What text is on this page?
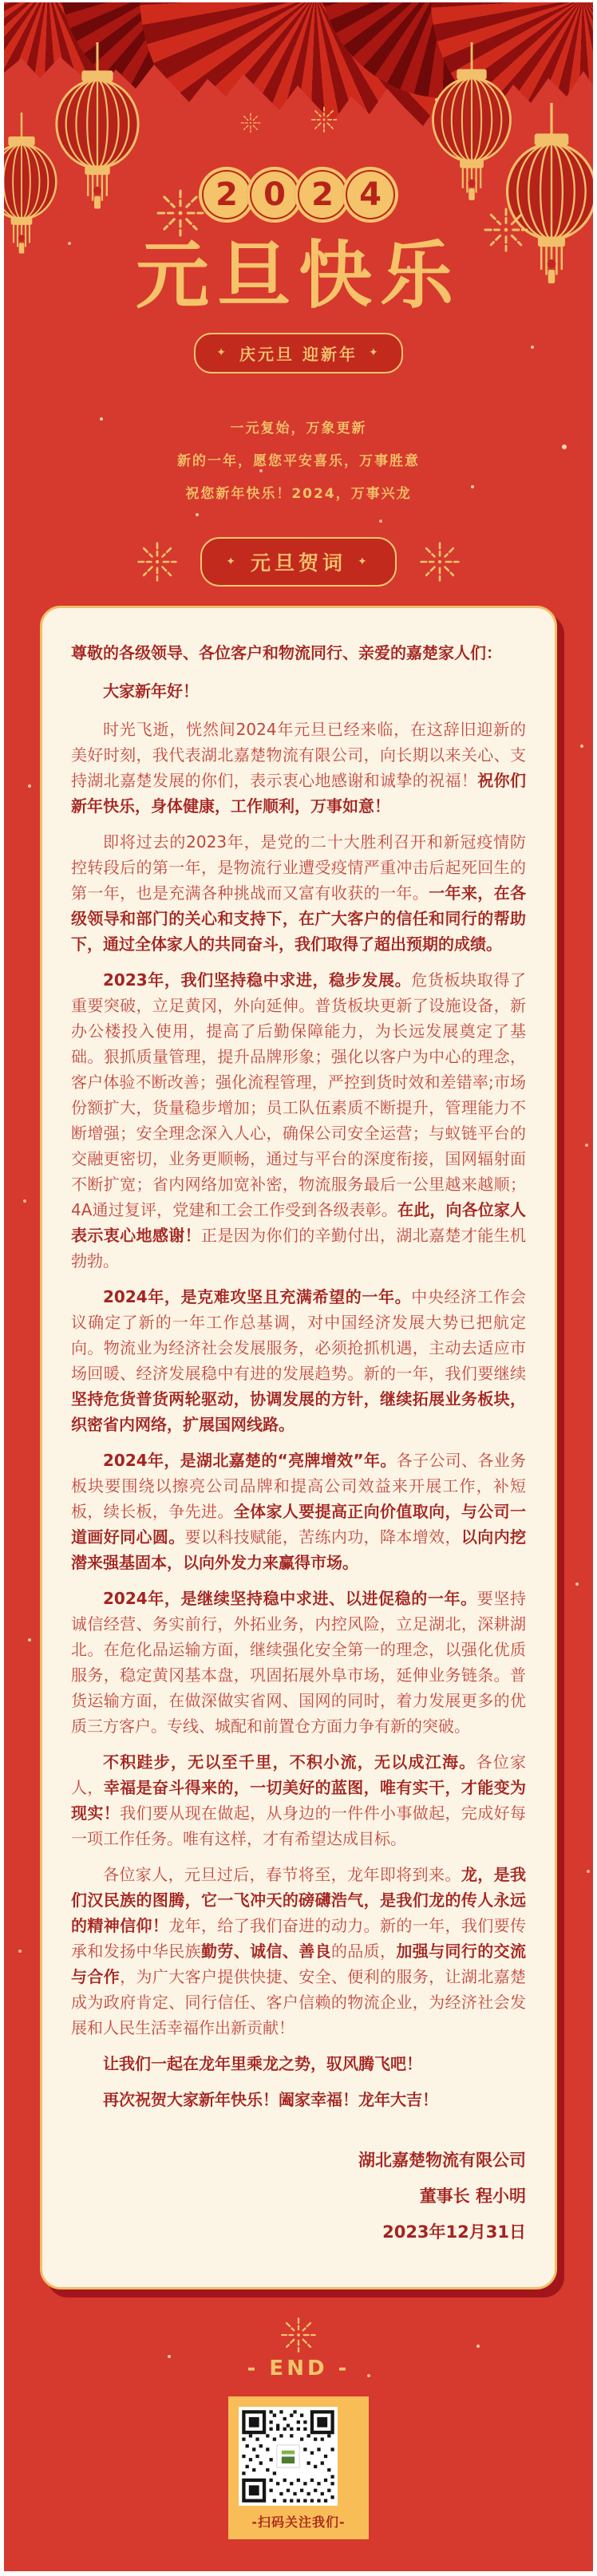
2 0 2 4
元旦快乐
✦ 庆元旦 迎新年 ✦

一元复始，万象更新

新的一年，愿您平安喜乐，万事胜意

祝您新年快乐！2024，万事兴龙

✦ 元旦贺词 ✦

尊敬的各级领导、各位客户和物流同行、亲爱的嘉楚家人们：

大家新年好！

时光飞逝，恍然间2024年元旦已经来临，在这辞旧迎新的美好时刻，我代表湖北嘉楚物流有限公司，向长期以来关心、支持湖北嘉楚发展的你们，表示衷心地感谢和诚挚的祝福！祝你们新年快乐，身体健康，工作顺利，万事如意！

即将过去的2023年，是党的二十大胜利召开和新冠疫情防控转段后的第一年，是物流行业遭受疫情严重冲击后起死回生的第一年，也是充满各种挑战而又富有收获的一年。一年来，在各级领导和部门的关心和支持下，在广大客户的信任和同行的帮助下，通过全体家人的共同奋斗，我们取得了超出预期的成绩。

2023年，我们坚持稳中求进，稳步发展。危货板块取得了重要突破，立足黄冈，外向延伸。普货板块更新了设施设备，新办公楼投入使用，提高了后勤保障能力，为长远发展奠定了基础。狠抓质量管理，提升品牌形象；强化以客户为中心的理念，客户体验不断改善；强化流程管理，严控到货时效和差错率;市场份额扩大，货量稳步增加；员工队伍素质不断提升，管理能力不断增强；安全理念深入人心，确保公司安全运营；与蚁链平台的交融更密切，业务更顺畅，通过与平台的深度衔接，国网辐射面不断扩宽；省内网络加宽补密，物流服务最后一公里越来越顺；4A通过复评，党建和工会工作受到各级表彰。在此，向各位家人表示衷心地感谢！正是因为你们的辛勤付出，湖北嘉楚才能生机勃勃。

2024年，是克难攻坚且充满希望的一年。中央经济工作会议确定了新的一年工作总基调，对中国经济发展大势已把航定向。物流业为经济社会发展服务，必须抢抓机遇，主动去适应市场回暖、经济发展稳中有进的发展趋势。新的一年，我们要继续坚持危货普货两轮驱动，协调发展的方针，继续拓展业务板块，织密省内网络，扩展国网线路。

2024年，是湖北嘉楚的“亮牌增效”年。各子公司、各业务板块要围绕以擦亮公司品牌和提高公司效益来开展工作，补短板，续长板，争先进。全体家人要提高正向价值取向，与公司一道画好同心圆。要以科技赋能，苦练内功，降本增效，以向内挖潜来强基固本，以向外发力来赢得市场。

2024年，是继续坚持稳中求进、以进促稳的一年。要坚持诚信经营、务实前行，外拓业务，内控风险，立足湖北，深耕湖北。在危化品运输方面，继续强化安全第一的理念，以强化优质服务，稳定黄冈基本盘，巩固拓展外阜市场，延伸业务链条。普货运输方面，在做深做实省网、国网的同时，着力发展更多的优质三方客户。专线、城配和前置仓方面力争有新的突破。

不积跬步，无以至千里，不积小流，无以成江海。各位家人，幸福是奋斗得来的，一切美好的蓝图，唯有实干，才能变为现实！我们要从现在做起，从身边的一件件小事做起，完成好每一项工作任务。唯有这样，才有希望达成目标。

各位家人，元旦过后，春节将至，龙年即将到来。龙，是我们汉民族的图腾，它一飞冲天的磅礴浩气，是我们龙的传人永远的精神信仰！龙年，给了我们奋进的动力。新的一年，我们要传承和发扬中华民族勤劳、诚信、善良的品质，加强与同行的交流与合作，为广大客户提供快捷、安全、便利的服务，让湖北嘉楚成为政府肯定、同行信任、客户信赖的物流企业，为经济社会发展和人民生活幸福作出新贡献！

让我们一起在龙年里乘龙之势，驭风腾飞吧！

再次祝贺大家新年快乐！阖家幸福！龙年大吉！

湖北嘉楚物流有限公司

董事长 程小明

2023年12月31日

- END -
-扫码关注我们-
